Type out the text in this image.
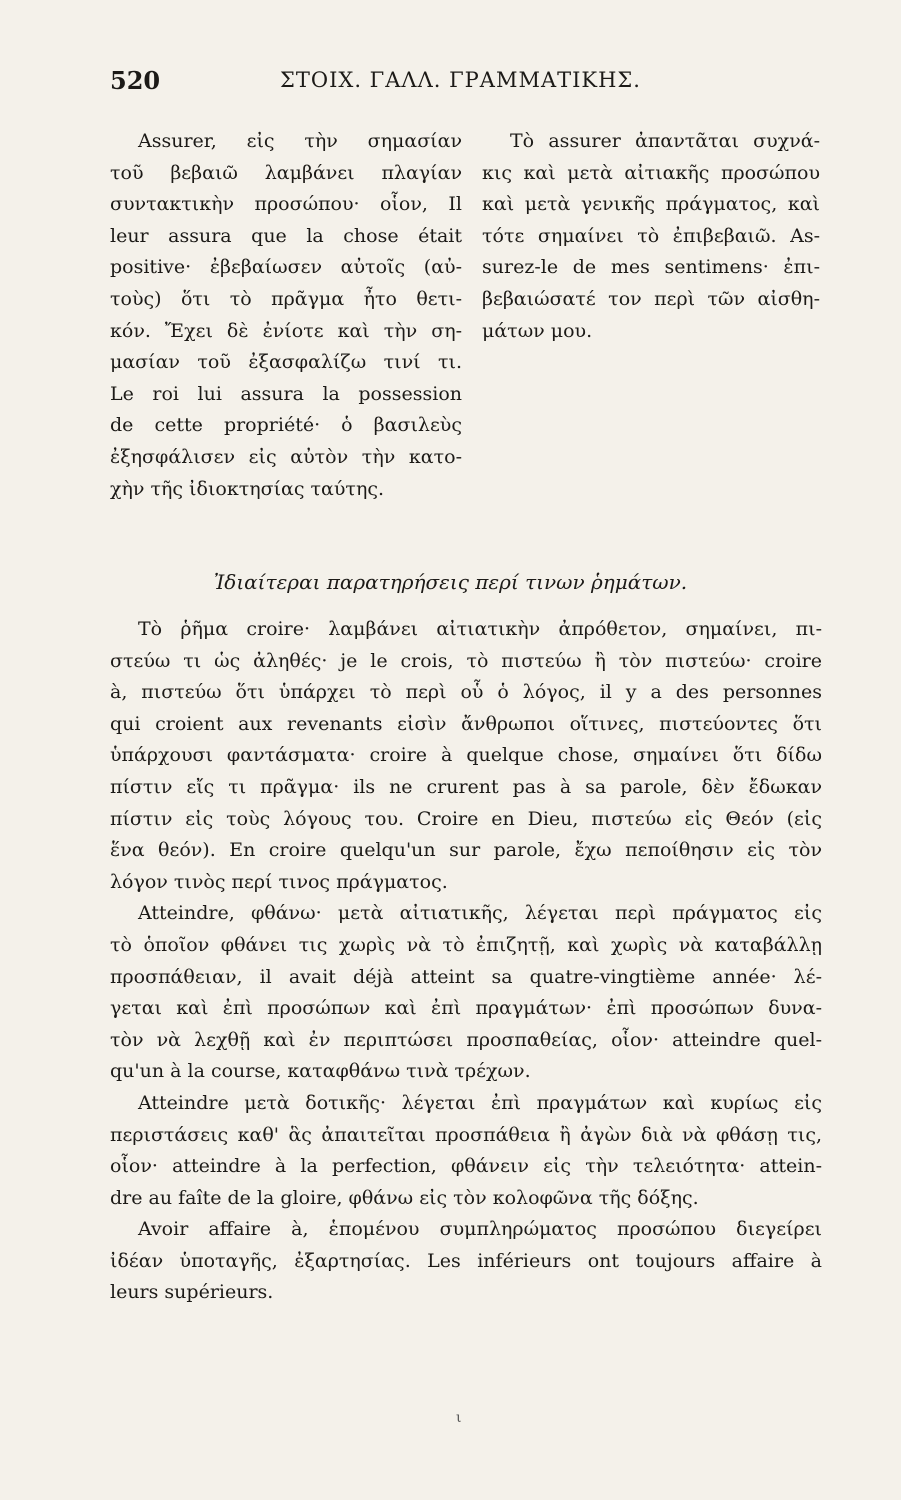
520	ΣΤΟΙΧ. ΓΑΛΛ. ΓΡΑΜΜΑΤΙΚΗΣ.
Assurer, εἰς τὴν σημασίαν
τοῦ βεβαιῶ λαμβάνει πλαγίαν
συντακτικὴν προσώπου· οἷον, Il
leur assura que la chose était
positive· ἐβεβαίωσεν αὐτοῖς (αὐ-
τοὺς) ὅτι τὸ πρᾶγμα ἦτο θετι-
κόν. Ἔχει δὲ ἐνίοτε καὶ τὴν ση-
μασίαν τοῦ ἐξασφαλίζω τινί τι.
Le roi lui assura la possession
de cette propriété· ὁ βασιλεὺς
ἐξησφάλισεν εἰς αὐτὸν τὴν κατο-
χὴν τῆς ἰδιοκτησίας ταύτης.
Τὸ assurer ἀπαντᾶται συχνά-
κις καὶ μετὰ αἰτιακῆς προσώπου
καὶ μετὰ γενικῆς πράγματος, καὶ
τότε σημαίνει τὸ ἐπιβεβαιῶ. As-
surez-le de mes sentimens· ἐπι-
βεβαιώσατέ τον περὶ τῶν αἰσθη-
μάτων μου.
Ἰδιαίτεραι παρατηρήσεις περί τινων ῥημάτων.
Τὸ ῥῆμα croire· λαμβάνει αἰτιατικὴν ἀπρόθετον, σημαίνει, πι-
στεύω τι ὡς ἀληθές· je le crois, τὸ πιστεύω ἢ τὸν πιστεύω· croire
à, πιστεύω ὅτι ὑπάρχει τὸ περὶ οὗ ὁ λόγος, il y a des personnes
qui croient aux revenants εἰσὶν ἄνθρωποι οἵτινες, πιστεύοντες ὅτι
ὑπάρχουσι φαντάσματα· croire à quelque chose, σημαίνει ὅτι δίδω
πίστιν εἴς τι πρᾶγμα· ils ne crurent pas à sa parole, δὲν ἔδωκαν
πίστιν εἰς τοὺς λόγους του. Croire en Dieu, πιστεύω εἰς Θεόν (εἰς
ἕνα θεόν). En croire quelqu'un sur parole, ἔχω πεποίθησιν εἰς τὸν
λόγον τινὸς περί τινος πράγματος.
Atteindre, φθάνω· μετὰ αἰτιατικῆς, λέγεται περὶ πράγματος εἰς
τὸ ὁποῖον φθάνει τις χωρὶς νὰ τὸ ἐπιζητῇ, καὶ χωρὶς νὰ καταβάλλῃ
προσπάθειαν, il avait déjà atteint sa quatre-vingtième année· λέ-
γεται καὶ ἐπὶ προσώπων καὶ ἐπὶ πραγμάτων· ἐπὶ προσώπων δυνα-
τὸν νὰ λεχθῇ καὶ ἐν περιπτώσει προσπαθείας, οἷον· atteindre quel-
qu'un à la course, καταφθάνω τινὰ τρέχων.
Atteindre μετὰ δοτικῆς· λέγεται ἐπὶ πραγμάτων καὶ κυρίως εἰς
περιστάσεις καθ' ἃς ἀπαιτεῖται προσπάθεια ἢ ἀγὼν διὰ νὰ φθάσῃ τις,
οἷον· atteindre à la perfection, φθάνειν εἰς τὴν τελειότητα· attein-
dre au faîte de la gloire, φθάνω εἰς τὸν κολοφῶνα τῆς δόξης.
Avoir affaire à, ἑπομένου συμπληρώματος προσώπου διεγείρει
ἰδέαν ὑποταγῆς, ἐξαρτησίας. Les inférieurs ont toujours affaire à
leurs supérieurs.
ι
